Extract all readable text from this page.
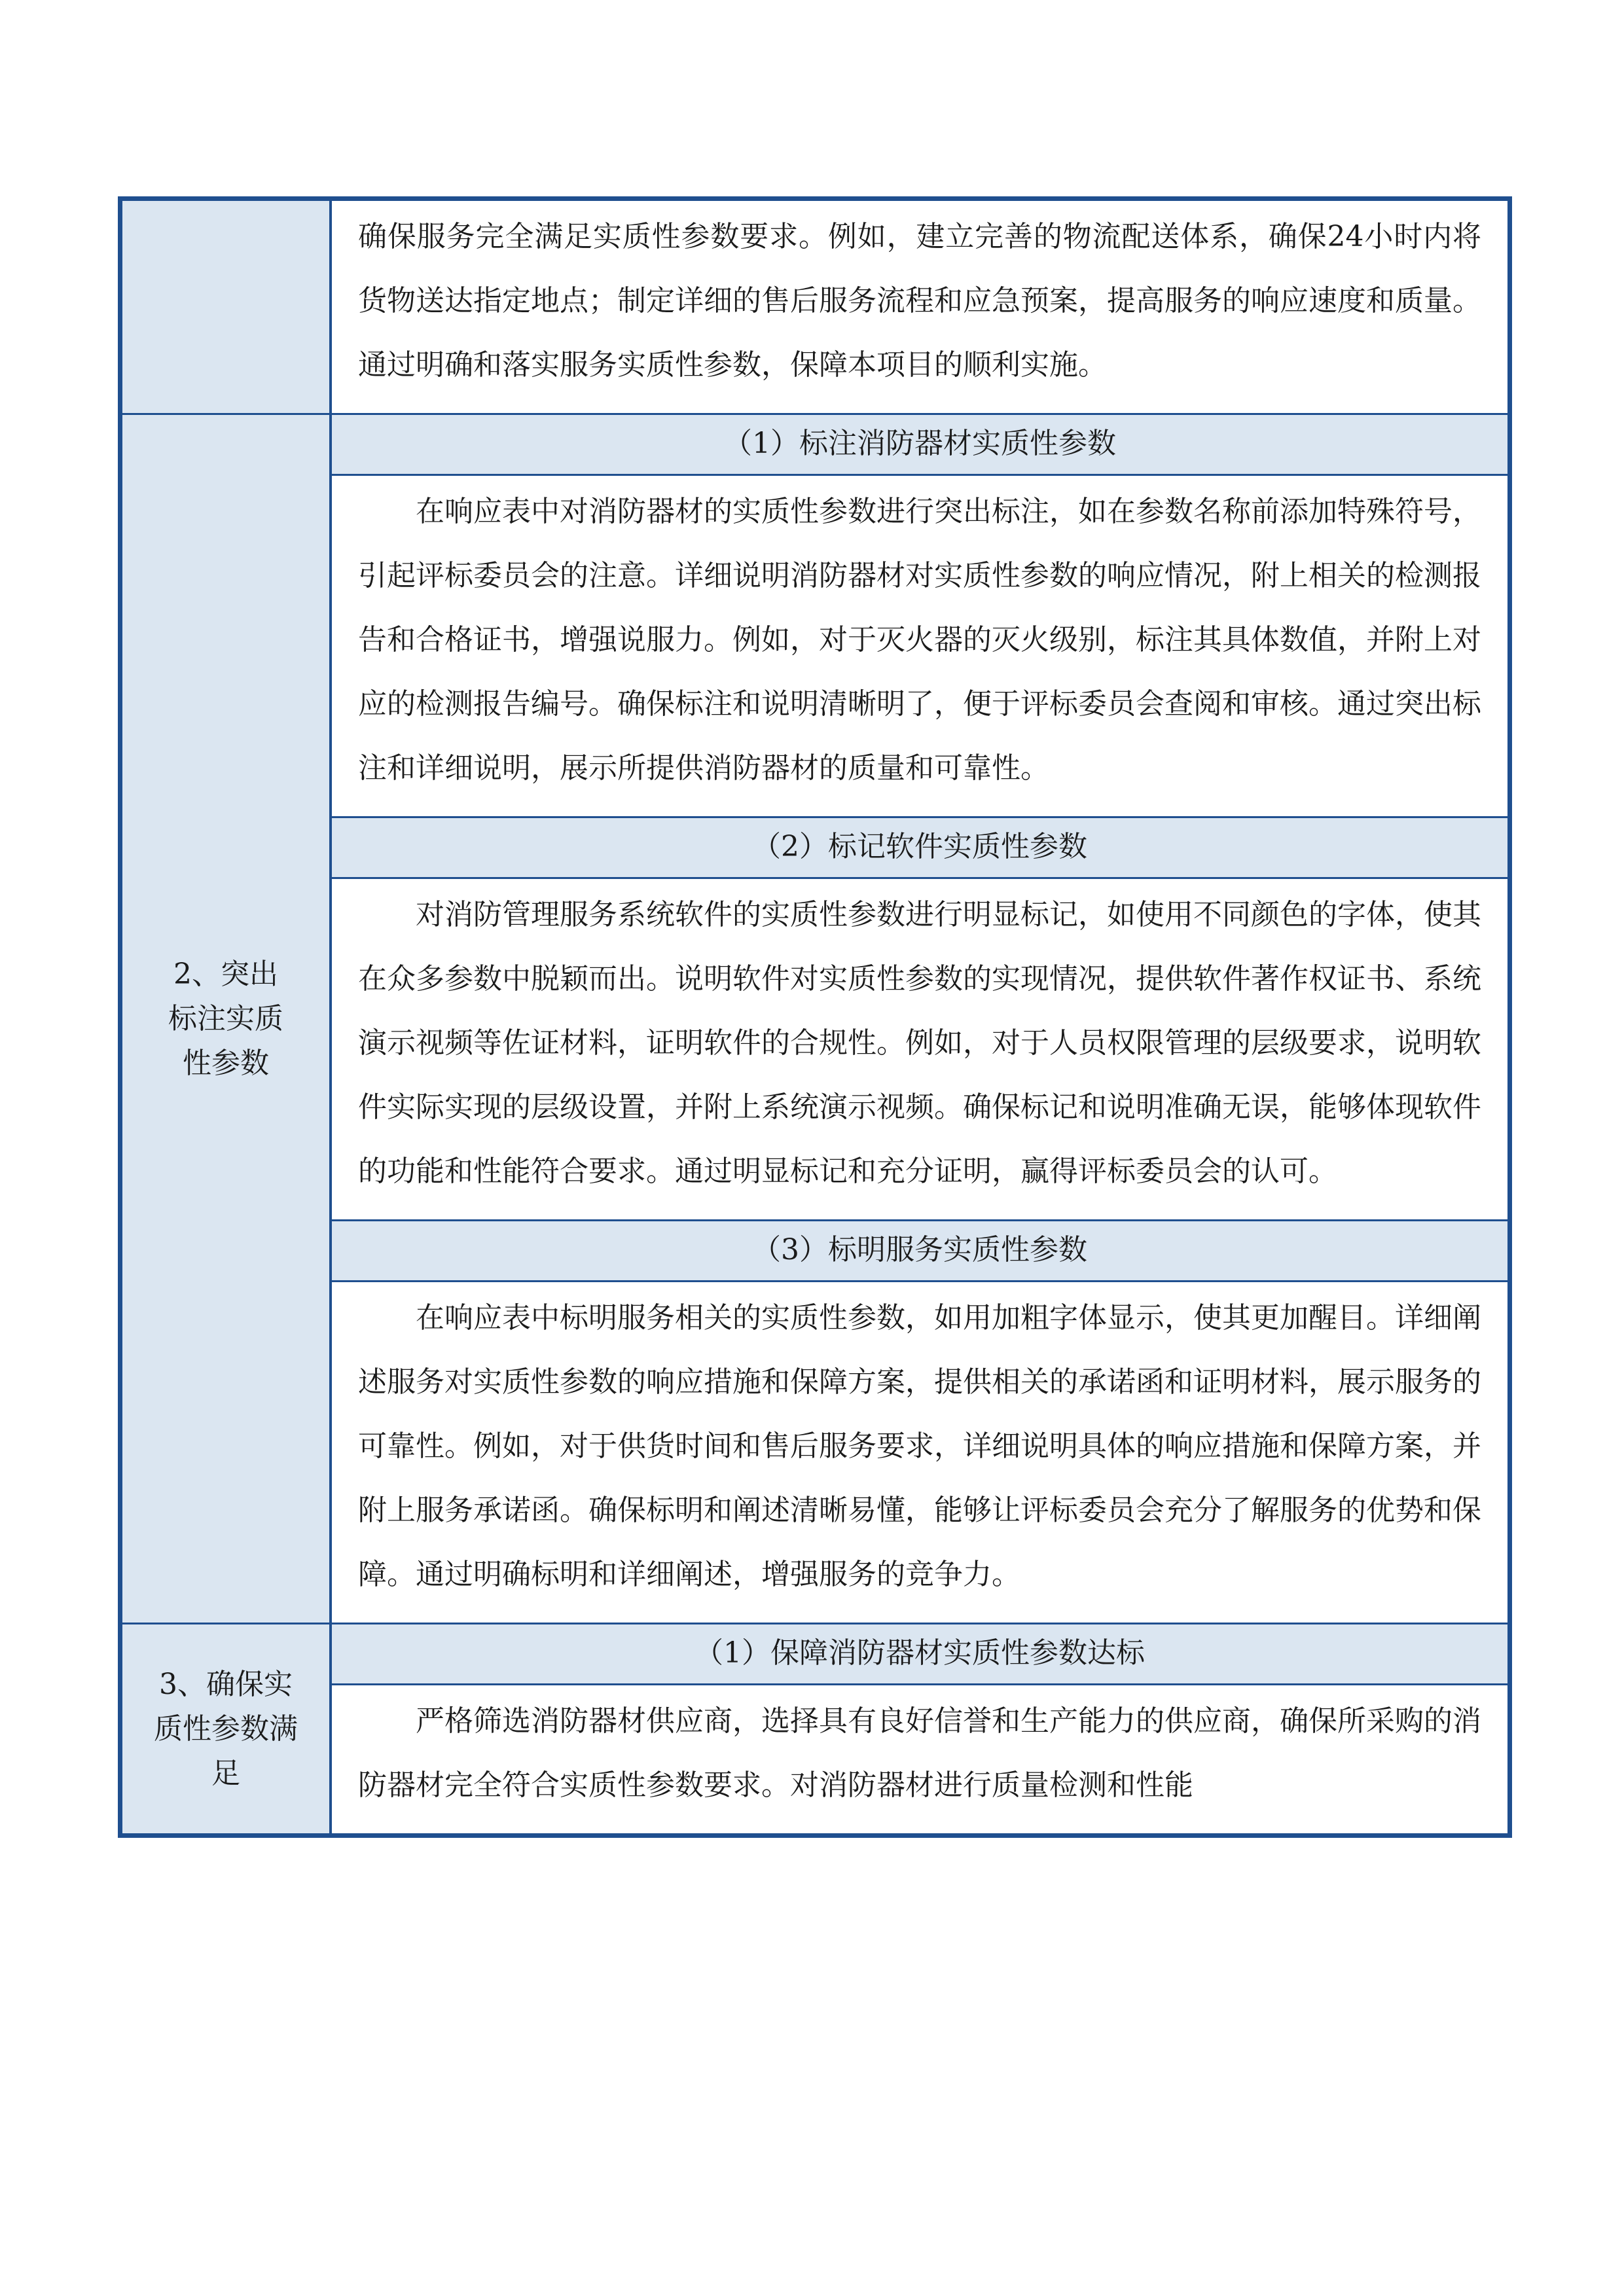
确保服务完全满足实质性参数要求。例如，建立完善的物流配送体系，确保24小时内将货物送达指定地点；制定详细的售后服务流程和应急预案，提高服务的响应速度和质量。通过明确和落实服务实质性参数，保障本项目的顺利实施。
2、突出标注实质性参数
（1）标注消防器材实质性参数
在响应表中对消防器材的实质性参数进行突出标注，如在参数名称前添加特殊符号，引起评标委员会的注意。详细说明消防器材对实质性参数的响应情况，附上相关的检测报告和合格证书，增强说服力。例如，对于灭火器的灭火级别，标注其具体数值，并附上对应的检测报告编号。确保标注和说明清晰明了，便于评标委员会查阅和审核。通过突出标注和详细说明，展示所提供消防器材的质量和可靠性。
（2）标记软件实质性参数
对消防管理服务系统软件的实质性参数进行明显标记，如使用不同颜色的字体，使其在众多参数中脱颖而出。说明软件对实质性参数的实现情况，提供软件著作权证书、系统演示视频等佐证材料，证明软件的合规性。例如，对于人员权限管理的层级要求，说明软件实际实现的层级设置，并附上系统演示视频。确保标记和说明准确无误，能够体现软件的功能和性能符合要求。通过明显标记和充分证明，赢得评标委员会的认可。
（3）标明服务实质性参数
在响应表中标明服务相关的实质性参数，如用加粗字体显示，使其更加醒目。详细阐述服务对实质性参数的响应措施和保障方案，提供相关的承诺函和证明材料，展示服务的可靠性。例如，对于供货时间和售后服务要求，详细说明具体的响应措施和保障方案，并附上服务承诺函。确保标明和阐述清晰易懂，能够让评标委员会充分了解服务的优势和保障。通过明确标明和详细阐述，增强服务的竞争力。
3、确保实质性参数满足
（1）保障消防器材实质性参数达标
严格筛选消防器材供应商，选择具有良好信誉和生产能力的供应商，确保所采购的消防器材完全符合实质性参数要求。对消防器材进行质量检测和性能
